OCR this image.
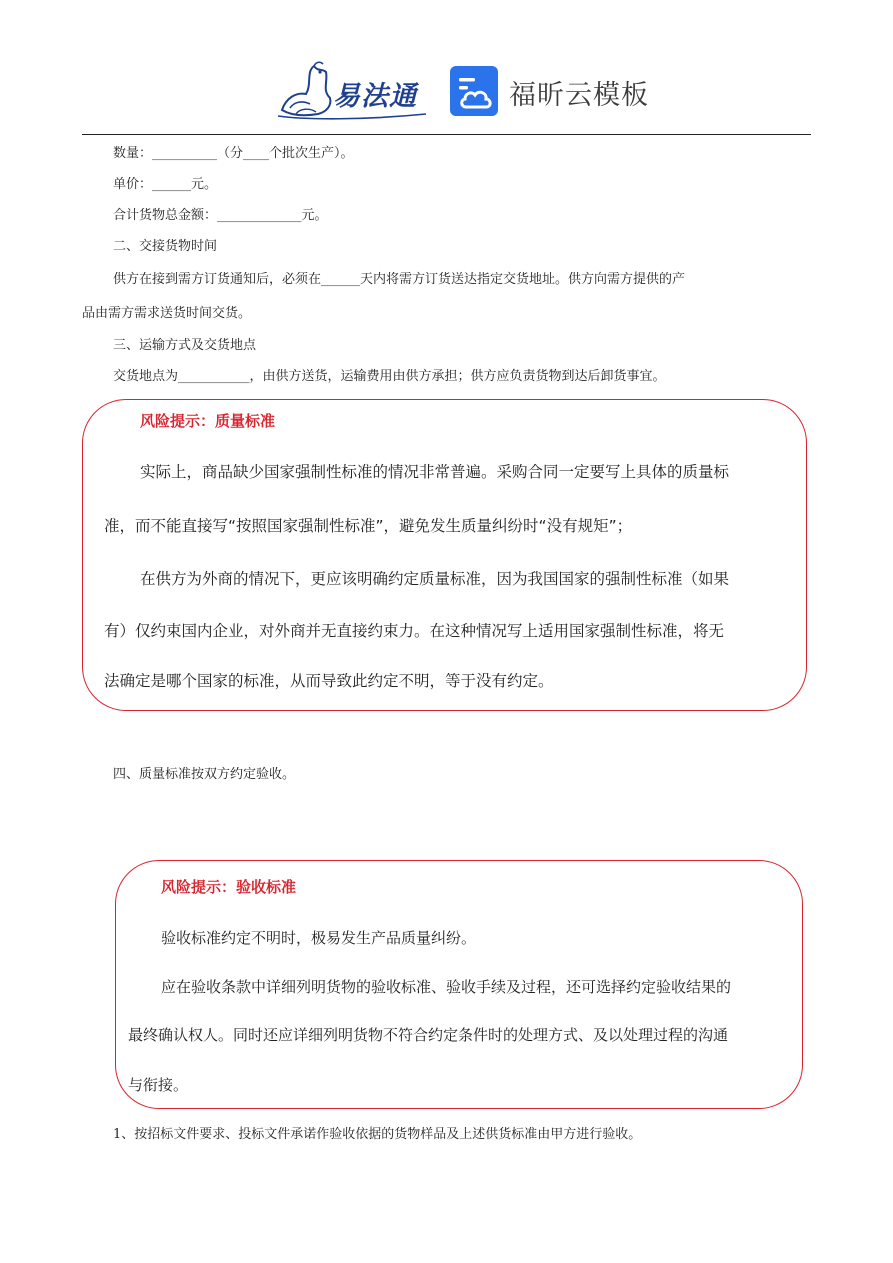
易法通	福昕云模板
数量：__________（分____个批次生产）。
单价：______元。
合计货物总金额：_____________元。
二、交接货物时间
供方在接到需方订货通知后，必须在______天内将需方订货送达指定交货地址。供方向需方提供的产
品由需方需求送货时间交货。
三、运输方式及交货地点
交货地点为___________，由供方送货，运输费用由供方承担；供方应负责货物到达后卸货事宜。
风险提示：质量标准
实际上，商品缺少国家强制性标准的情况非常普遍。采购合同一定要写上具体的质量标
准，而不能直接写“按照国家强制性标准”，避免发生质量纠纷时“没有规矩”；
在供方为外商的情况下，更应该明确约定质量标准，因为我国国家的强制性标准（如果
有）仅约束国内企业，对外商并无直接约束力。在这种情况写上适用国家强制性标准，将无
法确定是哪个国家的标准，从而导致此约定不明，等于没有约定。
四、质量标准按双方约定验收。
风险提示：验收标准
验收标准约定不明时，极易发生产品质量纠纷。
应在验收条款中详细列明货物的验收标准、验收手续及过程，还可选择约定验收结果的
最终确认权人。同时还应详细列明货物不符合约定条件时的处理方式、及以处理过程的沟通
与衔接。
1、按招标文件要求、投标文件承诺作验收依据的货物样品及上述供货标准由甲方进行验收。
